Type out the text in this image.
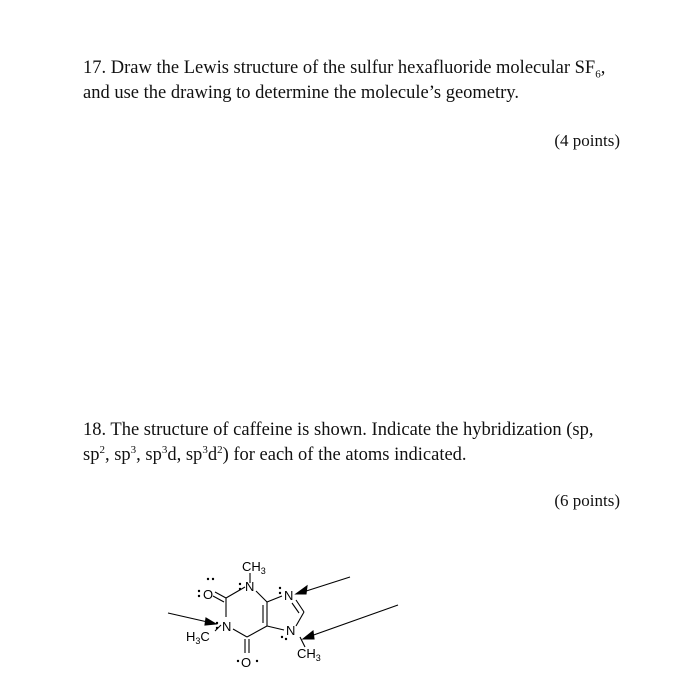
17. Draw the Lewis structure of the sulfur hexafluoride molecular $SF_6$, and use the drawing to determine the molecule’s geometry.
(4 points)
18. The structure of caffeine is shown. Indicate the hybridization (sp, $sp^2$, $sp^3$, $sp^3d$, $sp^3d^2$) for each of the atoms indicated.
(6 points)
$CH_3$
N
O
N
$H_3C$
O
N
N
$CH_3$
